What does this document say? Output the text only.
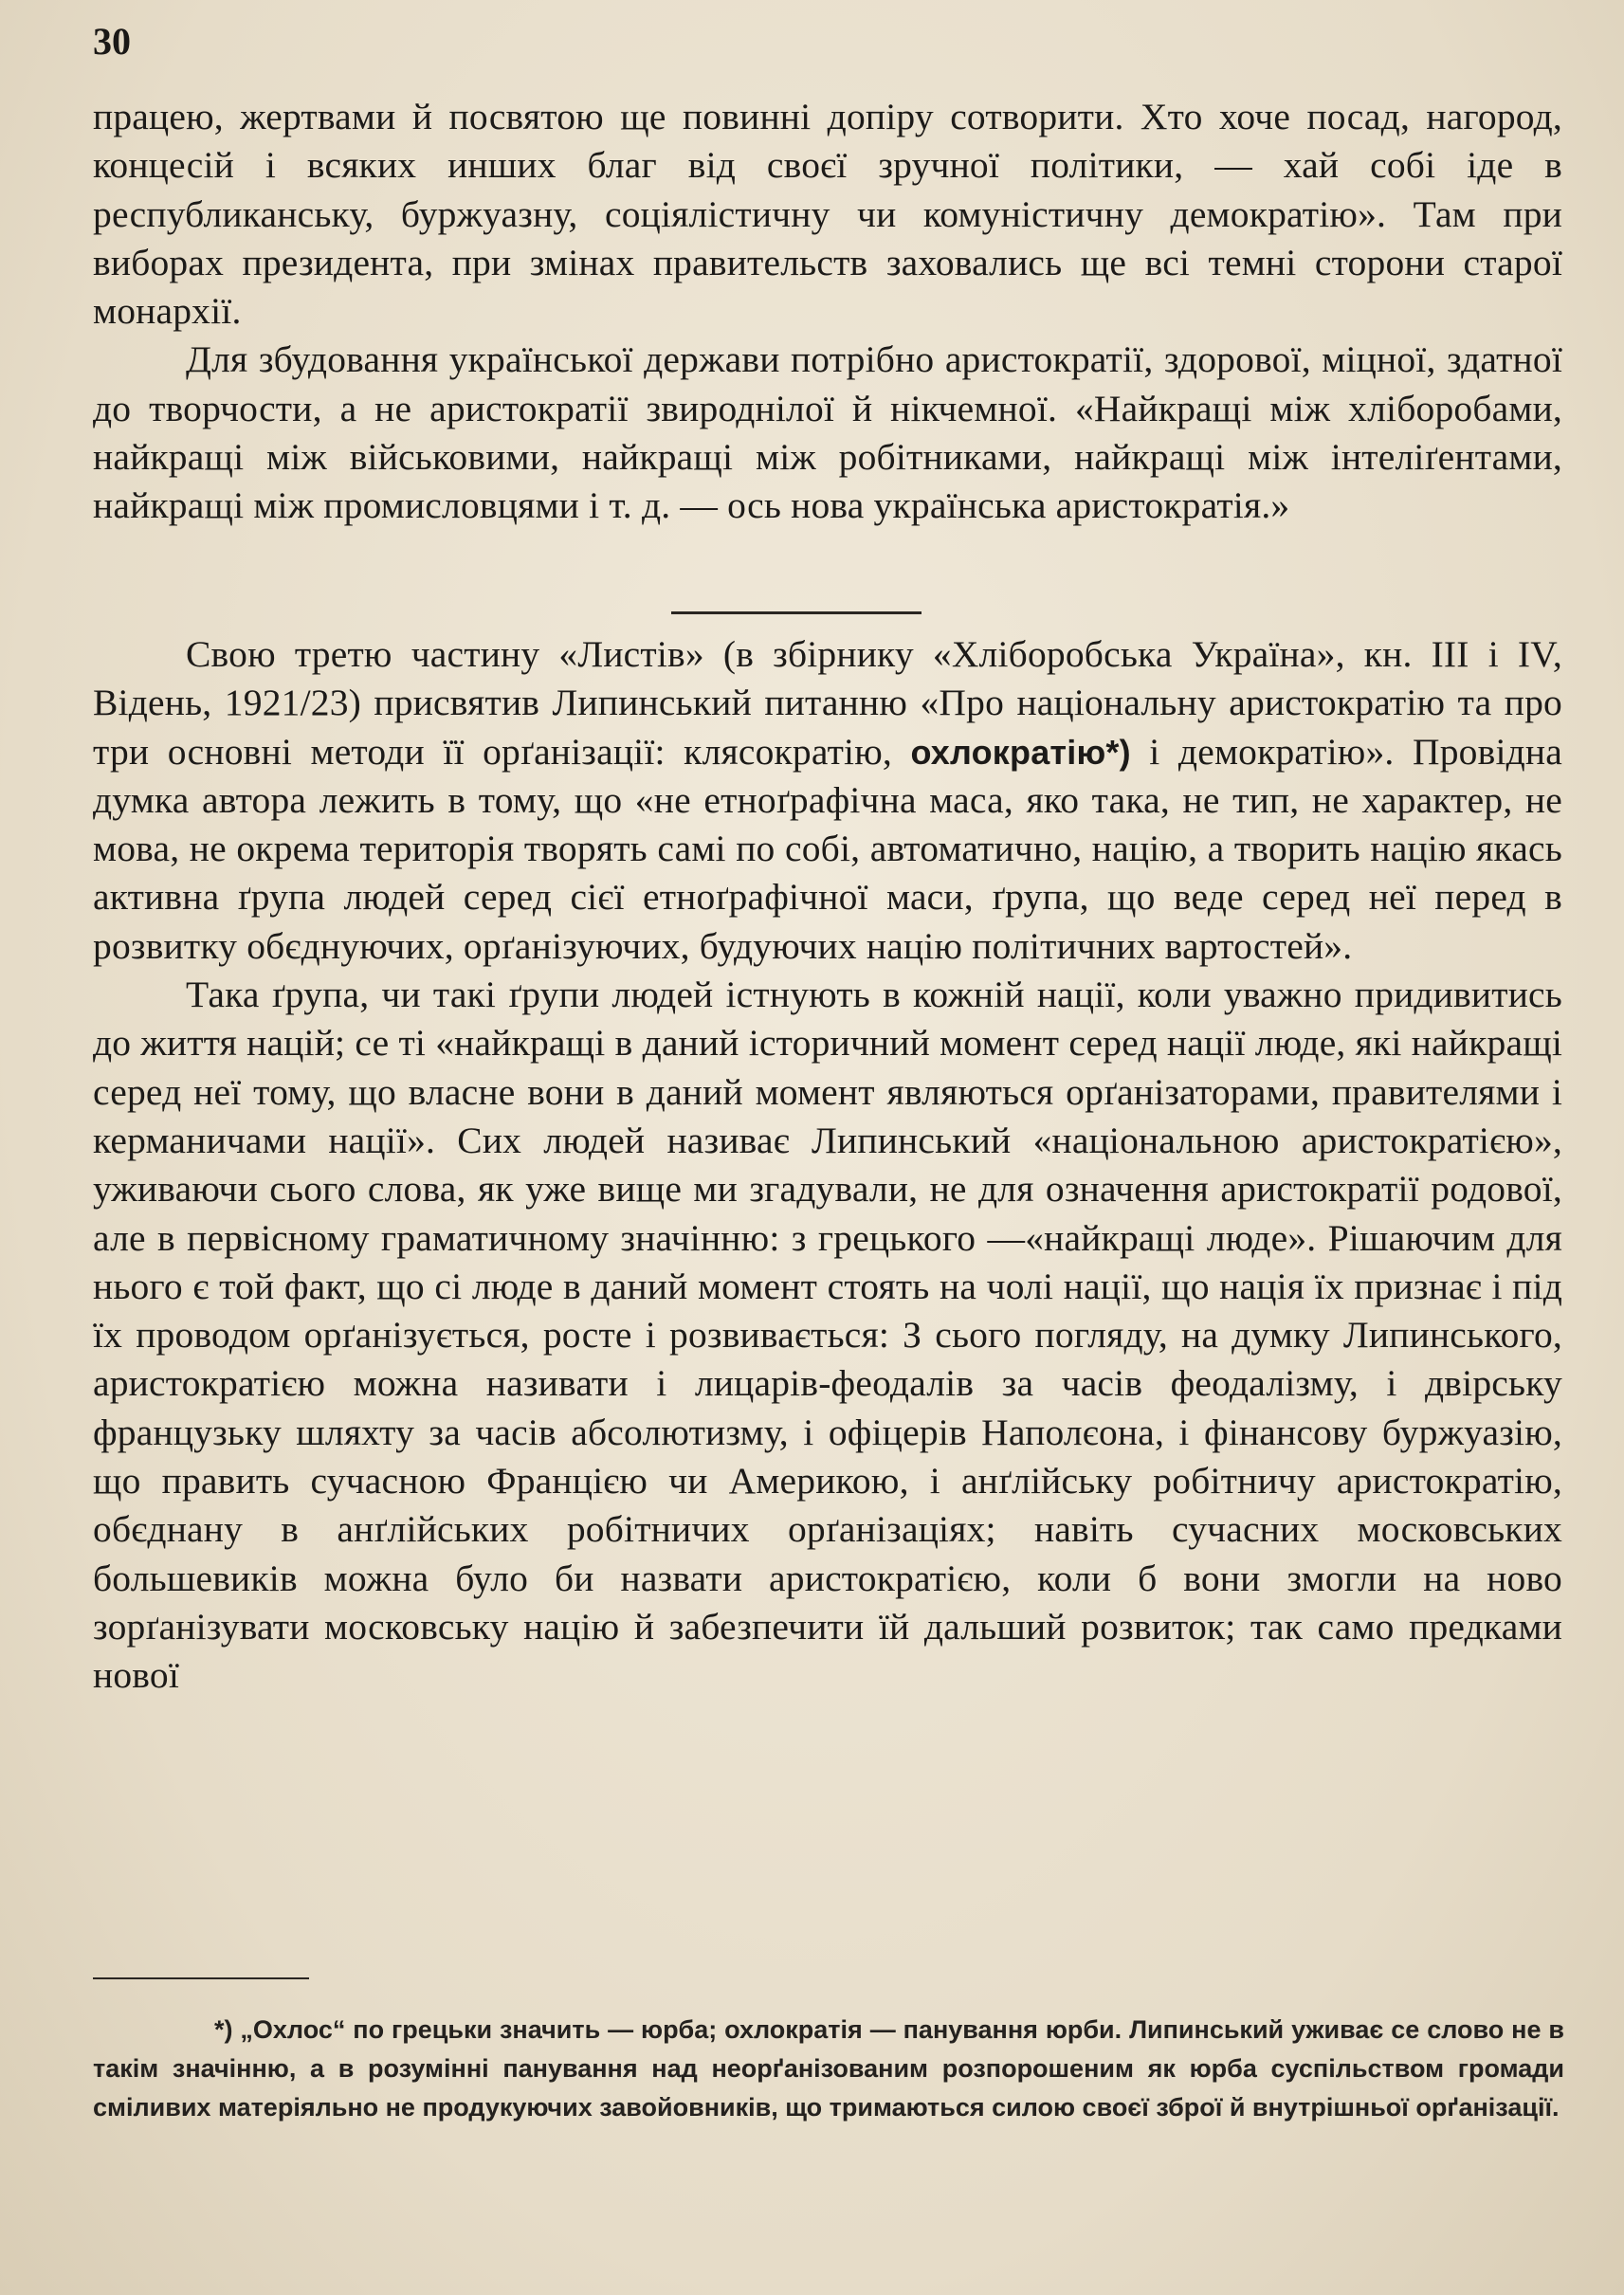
30

працею, жертвами й посвятою ще повинні допіру сотворити. Хто хоче посад, нагород, концесій і всяких инших благ від своєї зручної політики, — хай собі іде в республиканську, буржуазну, соціялістичну чи комуністичну демократію». Там при виборах президента, при змінах правительств заховались ще всі темні сторони старої монархії.

Для збудовання української держави потрібно аристократії, здорової, міцної, здатної до творчости, а не аристократії звироднілої й нікчемної. «Найкращі між хліборобами, найкращі між військовими, найкращі між робітниками, найкращі між інтеліґентами, найкращі між промисловцями і т. д. — ось нова українська аристократія.»

Свою третю частину «Листів» (в збірнику «Хліборобська Україна», кн. III і IV, Відень, 1921/23) присвятив Липинський питанню «Про національну аристократію та про три основні методи її орґанізації: клясократію, охлократію*) і демократію». Провідна думка автора лежить в тому, що «не етноґрафічна маса, яко така, не тип, не характер, не мова, не окрема територія творять самі по собі, автоматично, націю, а творить націю якась активна ґрупа людей серед сієї етноґрафічної маси, ґрупа, що веде серед неї перед в розвитку обєднуючих, орґанізуючих, будуючих націю політичних вартостей».

Така ґрупа, чи такі ґрупи людей істнують в кожній нації, коли уважно придивитись до життя націй; се ті «найкращі в даний історичний момент серед нації люде, які найкращі серед неї тому, що власне вони в даний момент являються орґанізаторами, правителями і керманичами нації». Сих людей називає Липинський «національною аристократією», уживаючи сього слова, як уже вище ми згадували, не для означення аристократії родової, але в первісному граматичному значінню: з грецького —«найкращі люде». Рішаючим для нього є той факт, що сі люде в даний момент стоять на чолі нації, що нація їх признає і під їх проводом орґанізується, росте і розвивається: З сього погляду, на думку Липинського, аристократією можна називати і лицарів-феодалів за часів феодалізму, і двірську французьку шляхту за часів абсолютизму, і офіцерів Наполєона, і фінансову буржуазію, що править сучасною Францією чи Америкою, і анґлійську робітничу аристократію, обєднану в анґлійських робітничих орґанізаціях; навіть сучасних московських большевиків можна було би назвати аристократією, коли б вони змогли на ново зорґанізувати московську націю й забезпечити їй дальший розвиток; так само предками нової

*) „Охлос“ по грецьки значить — юрба; охлократія — панування юрби. Липинський уживає се слово не в такім значінню, а в розумінні панування над неорґанізованим розпорошеним як юрба суспільством громади сміливих матеріяльно не продукуючих завойовників, що тримаються силою своєї зброї й внутрішньої орґанізації.
